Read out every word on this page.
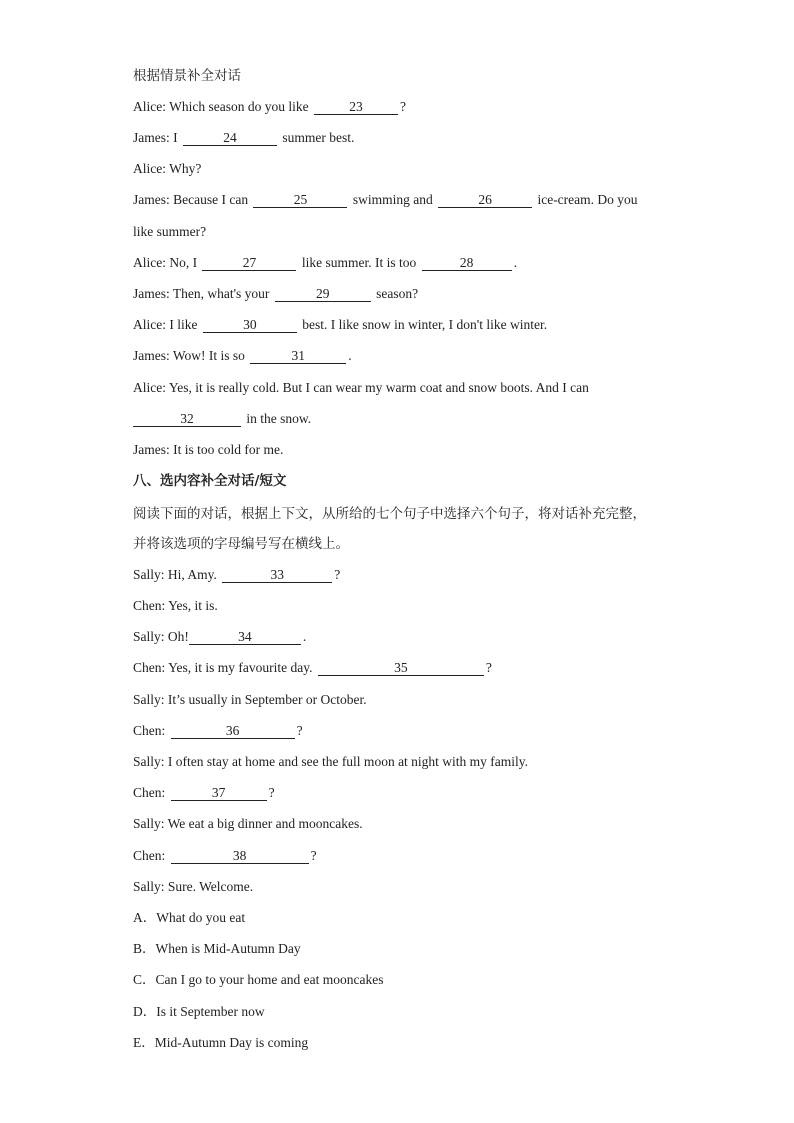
根据情景补全对话
Alice: Which season do you like	23	?
James: I	24	summer best.
Alice: Why?
James: Because I can	25	swimming and	26	ice-cream. Do you
like summer?
Alice: No, I	27	like summer. It is too	28	.
James: Then, what's your	29	season?
Alice: I like	30	best. I like snow in winter, I don't like winter.
James: Wow! It is so	31	.
Alice: Yes, it is really cold. But I can wear my warm coat and snow boots. And I can
32	in the snow.
James: It is too cold for me.
八、选内容补全对话/短文
阅读下面的对话，根据上下文，从所给的七个句子中选择六个句子，将对话补充完整，
并将该选项的字母编号写在横线上。
Sally: Hi, Amy.	33	?
Chen: Yes, it is.
Sally: Oh!	34	.
Chen: Yes, it is my favourite day.	35	?
Sally: It’s usually in September or October.
Chen:	36	?
Sally: I often stay at home and see the full moon at night with my family.
Chen:	37	?
Sally: We eat a big dinner and mooncakes.
Chen:	38	?
Sally: Sure. Welcome.
A．What do you eat
B．When is Mid-Autumn Day
C．Can I go to your home and eat mooncakes
D．Is it September now
E．Mid-Autumn Day is coming
